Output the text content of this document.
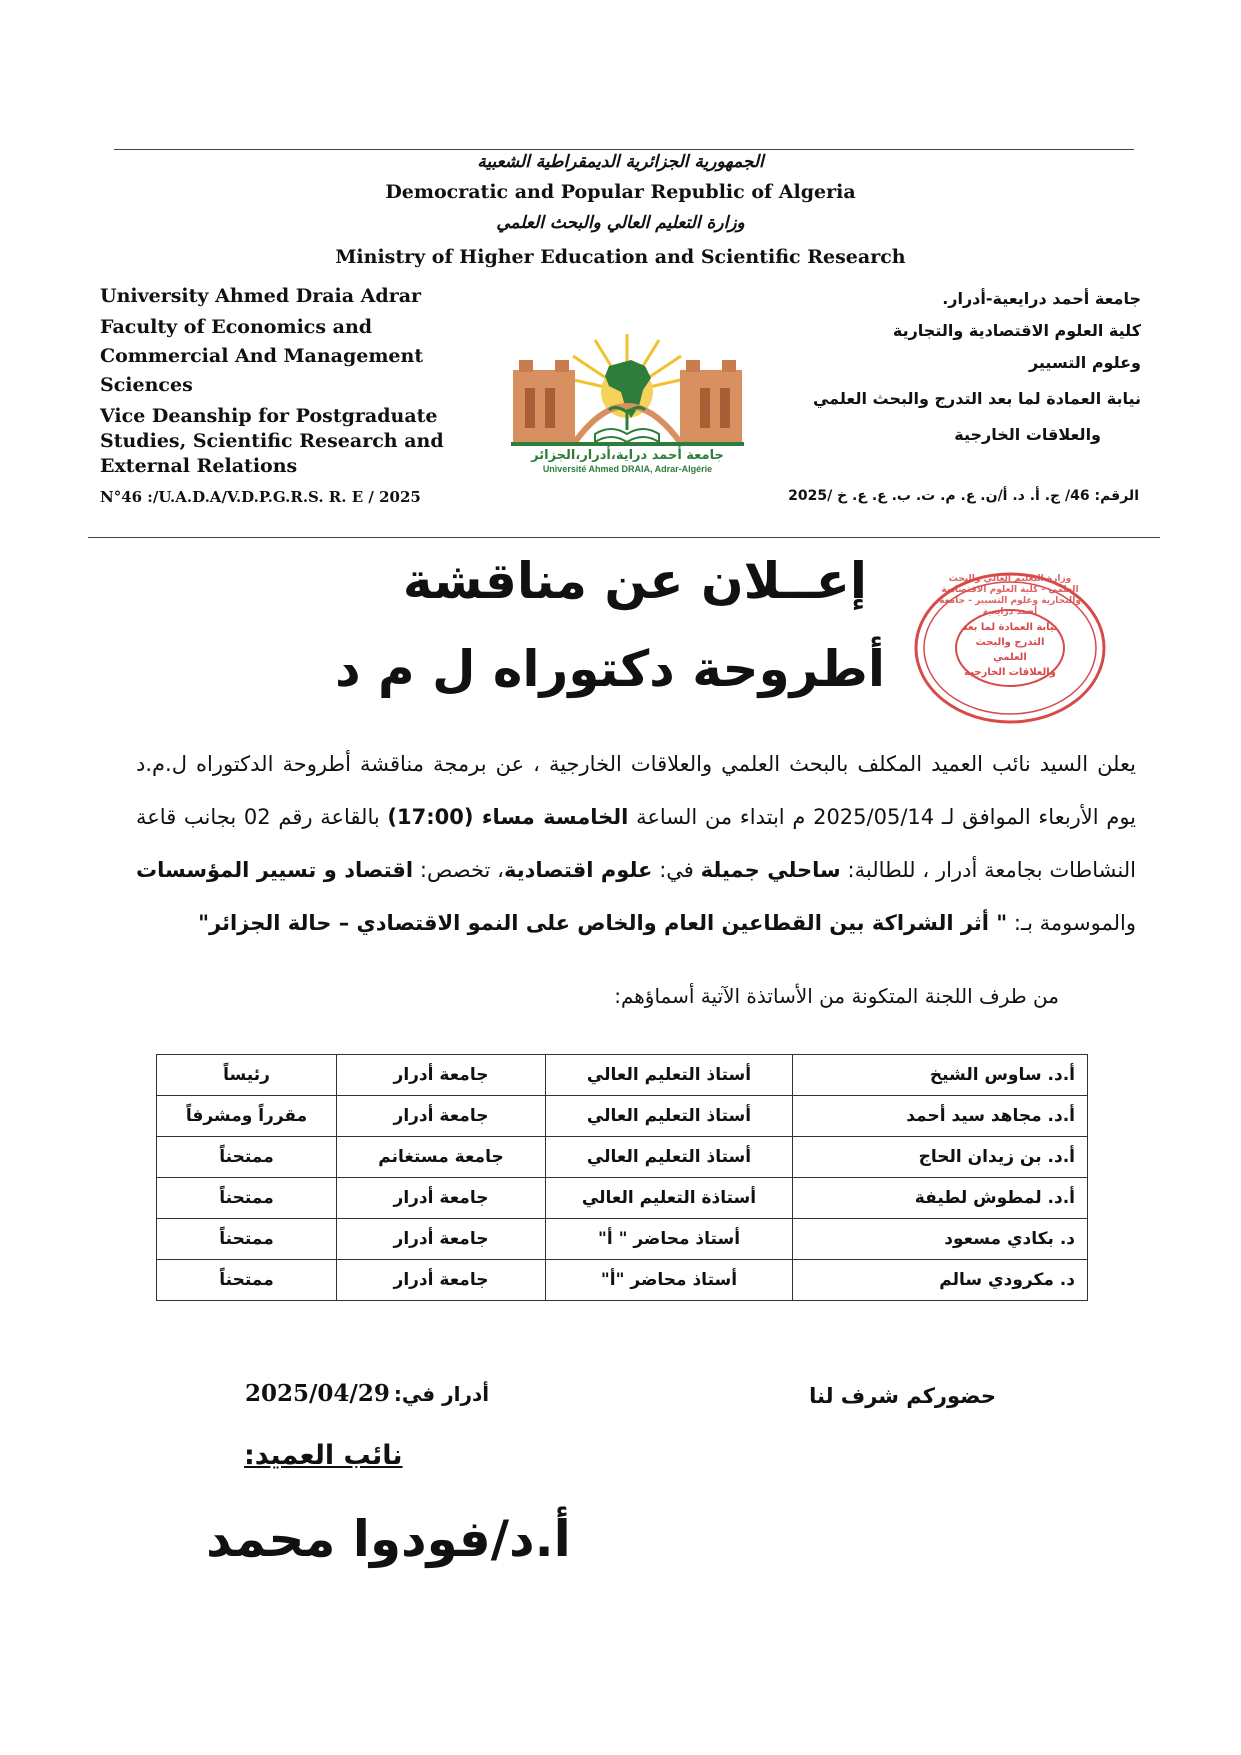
الجمهورية الجزائرية الديمقراطية الشعبية
Democratic and Popular Republic of Algeria
وزارة التعليم العالي والبحث العلمي
Ministry of Higher Education and Scientific Research
University Ahmed Draia Adrar
Faculty of Economics and
Commercial And Management
Sciences
Vice Deanship for Postgraduate
Studies, Scientific Research and
External Relations
N°46 :/U.A.D.A/V.D.P.G.R.S. R. E / 2025
جامعة أحمد درايعية-أدرار.
كلية العلوم الاقتصادية والتجارية
وعلوم التسيير
نيابة العمادة لما بعد التدرج والبحث العلمي
والعلاقات الخارجية
الرقم: 46/ ج. أ. د. أ/ن. ع. م. ت. ب. ع. ع. خ /2025
جامعة أحمد دراية،أدرار،الجزائر
Université Ahmed DRAIA, Adrar-Algérie
وزارة التعليم العالي والبحث العلمي - كلية العلوم الاقتصادية والتجارية وعلوم التسيير - جامعة أحمد درايعية
نيابة العمادة لما بعد
التدرج والبحث العلمي
والعلاقات الخارجية
إعــلان عن مناقشة
أطروحة دكتوراه ل م د
يعلن السيد نائب العميد المكلف بالبحث العلمي والعلاقات الخارجية ، عن برمجة مناقشة أطروحة الدكتوراه ل.م.د يوم الأربعاء الموافق لـ 2025/05/14 م ابتداء من الساعة الخامسة مساء (17:00) بالقاعة رقم 02 بجانب قاعة النشاطات بجامعة أدرار ، للطالبة: ساحلي جميلة في: علوم اقتصادية، تخصص: اقتصاد و تسيير المؤسسات والموسومة بـ: " أثر الشراكة بين القطاعين العام والخاص على النمو الاقتصادي – حالة الجزائر"
من طرف اللجنة المتكونة من الأساتذة الآتية أسماؤهم:
أ.د. ساوس الشيخ	أستاذ التعليم العالي	جامعة أدرار	رئيساً
أ.د. مجاهد سيد أحمد	أستاذ التعليم العالي	جامعة أدرار	مقرراً ومشرفاً
أ.د. بن زيدان الحاج	أستاذ التعليم العالي	جامعة مستغانم	ممتحناً
أ.د. لمطوش لطيفة	أستاذة التعليم العالي	جامعة أدرار	ممتحناً
د. بكادي مسعود	أستاذ محاضر " أ"	جامعة أدرار	ممتحناً
د. مكرودي سالم	أستاذ محاضر "أ"	جامعة أدرار	ممتحناً
حضوركم شرف لنا
أدرار في: 2025/04/29
نائب العميد:
أ.د/فودوا محمد
